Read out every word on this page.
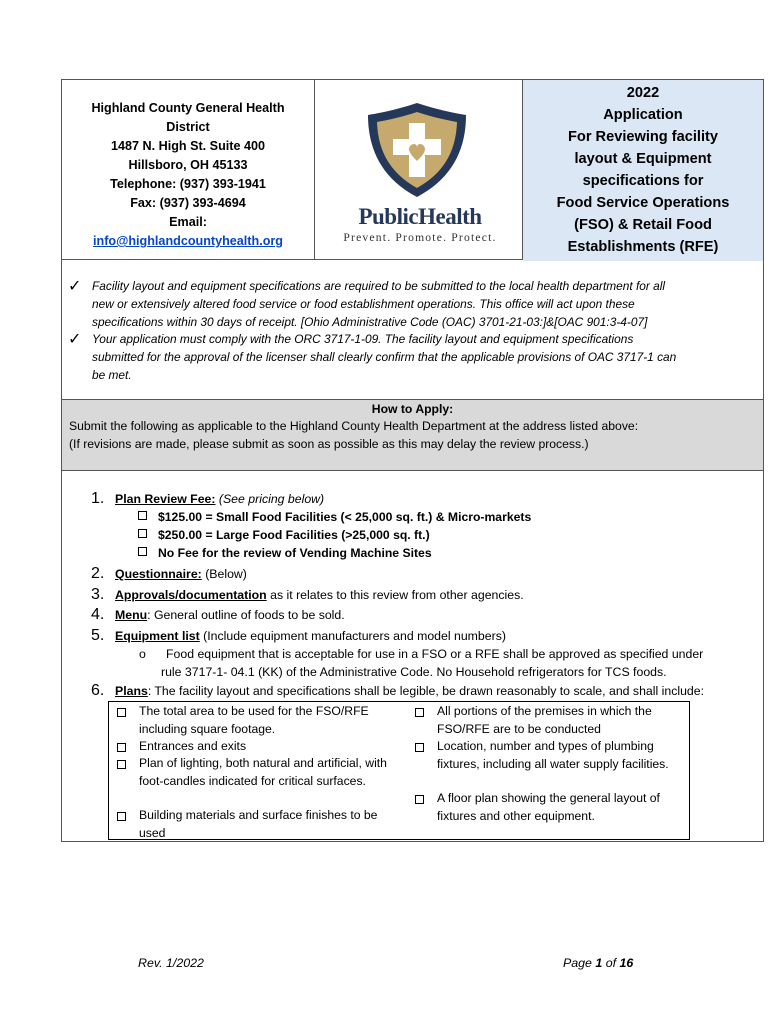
Highland County General Health
District
1487 N. High St. Suite 400
Hillsboro, OH 45133
Telephone: (937) 393-1941
Fax: (937) 393-4694
Email:
info@highlandcountyhealth.org
PublicHealth
Prevent. Promote. Protect.
2022
Application
For Reviewing facility
layout & Equipment
specifications for
Food Service Operations
(FSO) & Retail Food
Establishments (RFE)
✓ Facility layout and equipment specifications are required to be submitted to the local health department for all
new or extensively altered food service or food establishment operations. This office will act upon these
specifications within 30 days of receipt. [Ohio Administrative Code (OAC) 3701-21-03:]&[OAC 901:3-4-07]
✓ Your application must comply with the ORC 3717-1-09. The facility layout and equipment specifications
submitted for the approval of the licenser shall clearly confirm that the applicable provisions of OAC 3717-1 can
be met.
How to Apply:
Submit the following as applicable to the Highland County Health Department at the address listed above:
(If revisions are made, please submit as soon as possible as this may delay the review process.)
1. Plan Review Fee: (See pricing below)
$125.00 = Small Food Facilities (< 25,000 sq. ft.) & Micro-markets
$250.00 = Large Food Facilities (>25,000 sq. ft.)
No Fee for the review of Vending Machine Sites
2. Questionnaire: (Below)
3. Approvals/documentation as it relates to this review from other agencies.
4. Menu: General outline of foods to be sold.
5. Equipment list (Include equipment manufacturers and model numbers)
o Food equipment that is acceptable for use in a FSO or a RFE shall be approved as specified under
rule 3717-1- 04.1 (KK) of the Administrative Code. No Household refrigerators for TCS foods.
6. Plans: The facility layout and specifications shall be legible, be drawn reasonably to scale, and shall include:
The total area to be used for the FSO/RFE including square footage.
Entrances and exits
Plan of lighting, both natural and artificial, with foot-candles indicated for critical surfaces.
Building materials and surface finishes to be used
All portions of the premises in which the FSO/RFE are to be conducted
Location, number and types of plumbing fixtures, including all water supply facilities.
A floor plan showing the general layout of fixtures and other equipment.
Rev. 1/2022	Page 1 of 16
